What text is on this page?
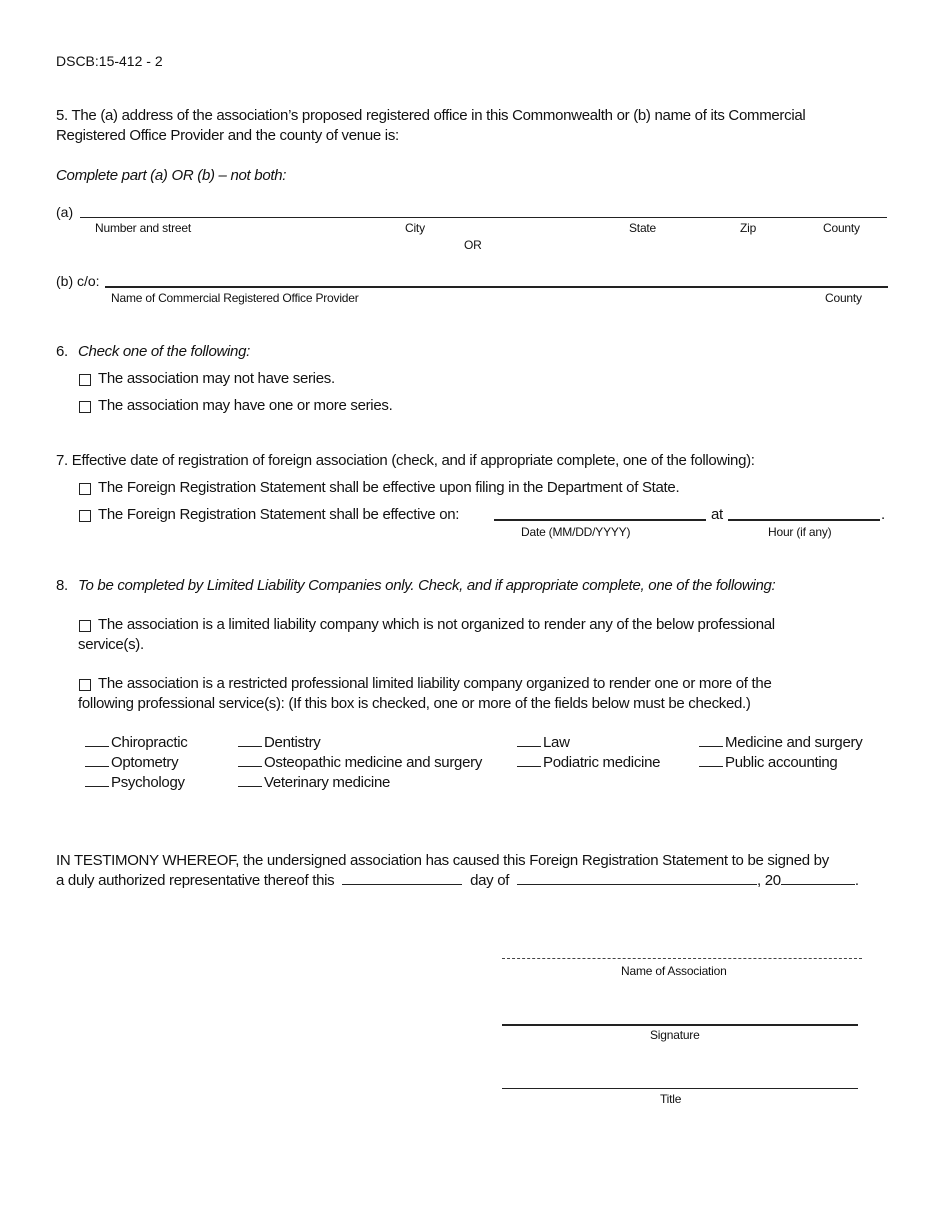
DSCB:15-412 - 2
5. The (a) address of the association’s proposed registered office in this Commonwealth or (b) name of its Commercial
Registered Office Provider and the county of venue is:
Complete part (a) OR (b) – not both:
(a)
Number and street	City	State	Zip	County
OR
(b) c/o:
Name of Commercial Registered Office Provider	County
6. Check one of the following:
The association may not have series.
The association may have one or more series.
7. Effective date of registration of foreign association (check, and if appropriate complete, one of the following):
The Foreign Registration Statement shall be effective upon filing in the Department of State.
The Foreign Registration Statement shall be effective on:	at	.
Date (MM/DD/YYYY)	Hour (if any)
8. To be completed by Limited Liability Companies only. Check, and if appropriate complete, one of the following:
The association is a limited liability company which is not organized to render any of the below professional
service(s).
The association is a restricted professional limited liability company organized to render one or more of the
following professional service(s): (If this box is checked, one or more of the fields below must be checked.)
Chiropractic	Dentistry	Law	Medicine and surgery
Optometry	Osteopathic medicine and surgery	Podiatric medicine	Public accounting
Psychology	Veterinary medicine
IN TESTIMONY WHEREOF, the undersigned association has caused this Foreign Registration Statement to be signed by
a duly authorized representative thereof this	day of	, 20	.
Name of Association
Signature
Title
